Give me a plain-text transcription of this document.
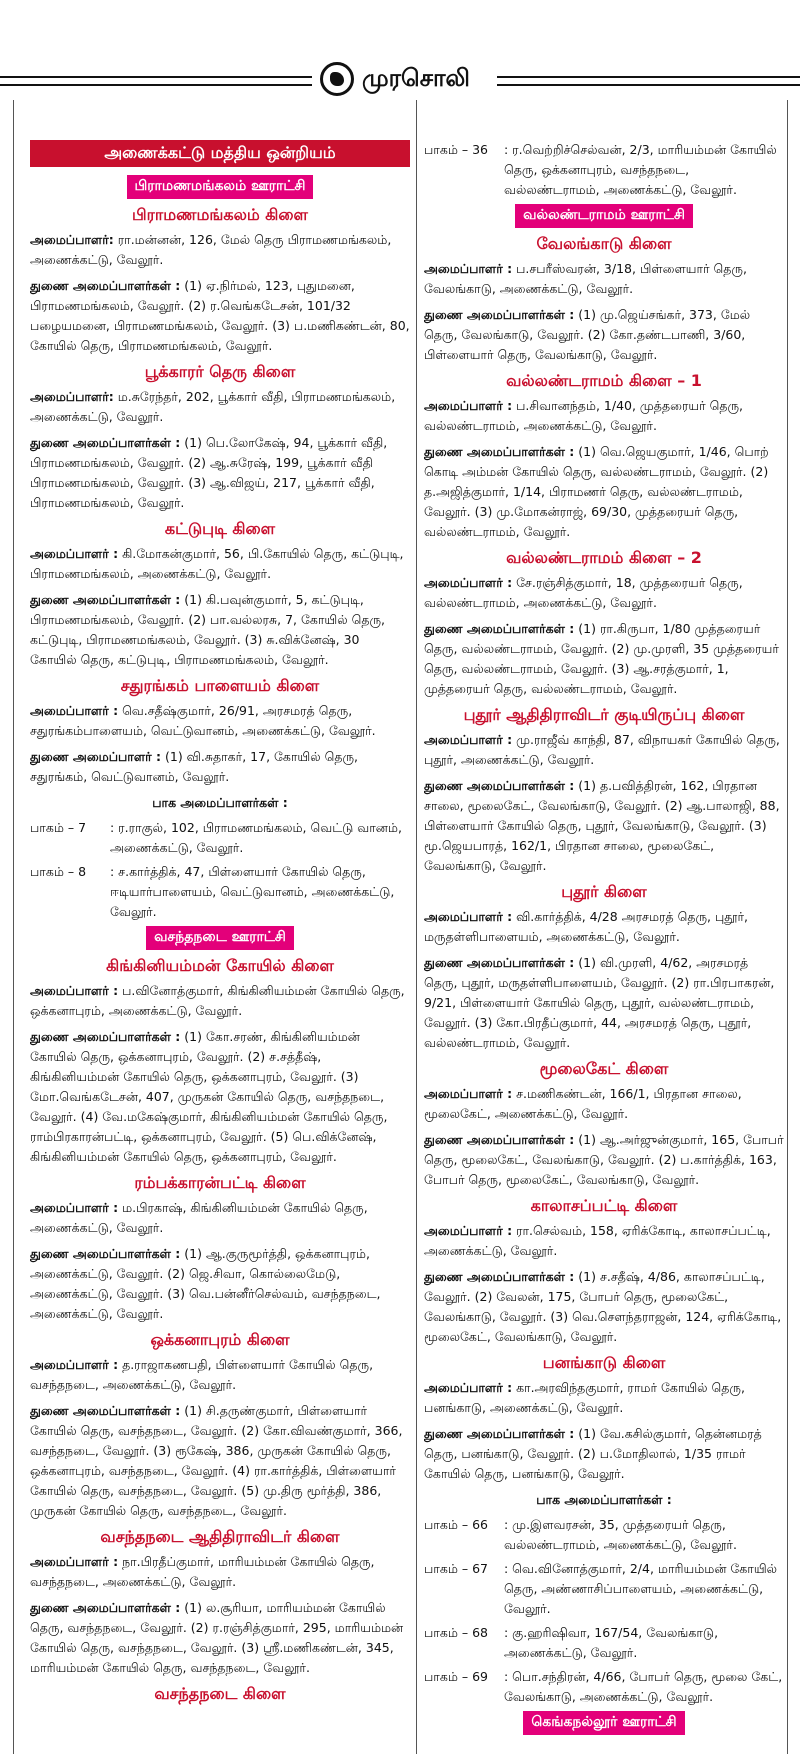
முரசொலி
அணைக்கட்டு மத்திய ஒன்றியம்
பிராமணமங்கலம் ஊராட்சி
பிராமணமங்கலம் கிளை

அமைப்பாளர்: ரா.மன்னன், 126, மேல் தெரு பிராமணமங்கலம், அணைக்கட்டு, வேலூர்.

துணை அமைப்பாளர்கள் : (1) ஏ.நிர்மல், 123, புதுமனை, பிராமணமங்கலம், வேலூர். (2) ர.வெங்கடேசன், 101/32 பழையமனை, பிராமணமங்கலம், வேலூர். (3) ப.மணிகண்டன், 80, கோயில் தெரு, பிராமணமங்கலம், வேலூர்.

பூக்காரர் தெரு கிளை

அமைப்பாளர்: ம.சுரேந்தர், 202, பூக்கார் வீதி, பிராமணமங்கலம், அணைக்கட்டு, வேலூர்.

துணை அமைப்பாளர்கள் : (1) பெ.லோகேஷ், 94, பூக்கார் வீதி, பிராமணமங்கலம், வேலூர். (2) ஆ.சுரேஷ், 199, பூக்கார் வீதி பிராமணமங்கலம், வேலூர். (3) ஆ.விஜய், 217, பூக்கார் வீதி, பிராமணமங்கலம், வேலூர்.

கட்டுபுடி கிளை

அமைப்பாளர் : கி.மோகன்குமார், 56, பி.கோயில் தெரு, கட்டுபுடி, பிராமணமங்கலம், அணைக்கட்டு, வேலூர்.

துணை அமைப்பாளர்கள் : (1) கி.பவுன்குமார், 5, கட்டுபுடி, பிராமணமங்கலம், வேலூர். (2) பா.வல்லரசு, 7, கோயில் தெரு, கட்டுபுடி, பிராமணமங்கலம், வேலூர். (3) சு.விக்னேஷ், 30 கோயில் தெரு, கட்டுபுடி, பிராமணமங்கலம், வேலூர்.

சதுரங்கம் பாளையம் கிளை

அமைப்பாளர் : வெ.சதீஷ்குமார், 26/91, அரசமரத் தெரு, சதுரங்கம்பாளையம், வெட்டுவானம், அணைக்கட்டு, வேலூர்.

துணை அமைப்பாளர் : (1) வி.சுதாகர், 17, கோயில் தெரு, சதுரங்கம், வெட்டுவானம், வேலூர்.

பாக அமைப்பாளர்கள் :
பாகம் – 7	: ர.ராகுல், 102, பிராமணமங்கலம், வெட்டு வானம், அணைக்கட்டு, வேலூர்.
பாகம் – 8	: ச.கார்த்திக், 47, பிள்ளையார் கோயில் தெரு, ஈடியார்பாளையம், வெட்டுவானம், அணைக்கட்டு, வேலூர்.
வசந்தநடை ஊராட்சி
கிங்கினியம்மன் கோயில் கிளை

அமைப்பாளர் : ப.வினோத்குமார், கிங்கினியம்மன் கோயில் தெரு, ஒக்கனாபுரம், அணைக்கட்டு, வேலூர்.

துணை அமைப்பாளர்கள் : (1) கோ.சரண், கிங்கினியம்மன் கோயில் தெரு, ஒக்கனாபுரம், வேலூர். (2) ச.சத்தீஷ், கிங்கினியம்மன் கோயில் தெரு, ஒக்கனாபுரம், வேலூர். (3) மோ.வெங்கடேசன், 407, முருகன் கோயில் தெரு, வசந்தநடை, வேலூர். (4) வே.மகேஷ்குமார், கிங்கினியம்மன் கோயில் தெரு, ராம்பிரகாரன்பட்டி, ஒக்கனாபுரம், வேலூர். (5) பெ.விக்னேஷ், கிங்கினியம்மன் கோயில் தெரு, ஒக்கனாபுரம், வேலூர்.

ரம்பக்காரன்பட்டி கிளை

அமைப்பாளர் : ம.பிரகாஷ், கிங்கினியம்மன் கோயில் தெரு, அணைக்கட்டு, வேலூர்.

துணை அமைப்பாளர்கள் : (1) ஆ.குருமூர்த்தி, ஒக்கனாபுரம், அணைக்கட்டு, வேலூர். (2) ஜெ.சிவா, கொல்லைமேடு, அணைக்கட்டு, வேலூர். (3) வெ.பன்னீர்செல்வம், வசந்தநடை, அணைக்கட்டு, வேலூர்.

ஒக்கனாபுரம் கிளை

அமைப்பாளர் : த.ராஜாகணபதி, பிள்ளையார் கோயில் தெரு, வசந்தநடை, அணைக்கட்டு, வேலூர்.

துணை அமைப்பாளர்கள் : (1) சி.தருண்குமார், பிள்ளையார் கோயில் தெரு, வசந்தநடை, வேலூர். (2) கோ.விவண்குமார், 366, வசந்தநடை, வேலூர். (3) ரூகேஷ், 386, முருகன் கோயில் தெரு, ஒக்கனாபுரம், வசந்தநடை, வேலூர். (4) ரா.கார்த்திக், பிள்ளையார் கோயில் தெரு, வசந்தநடை, வேலூர். (5) மு.திரு மூர்த்தி, 386, முருகன் கோயில் தெரு, வசந்தநடை, வேலூர்.

வசந்தநடை ஆதிதிராவிடர் கிளை

அமைப்பாளர் : நா.பிரதீப்குமார், மாரியம்மன் கோயில் தெரு, வசந்தநடை, அணைக்கட்டு, வேலூர்.

துணை அமைப்பாளர்கள் : (1) ல.சூரியா, மாரியம்மன் கோயில் தெரு, வசந்தநடை, வேலூர். (2) ர.ரஞ்சித்குமார், 295, மாரியம்மன் கோயில் தெரு, வசந்தநடை, வேலூர். (3) ஸ்ரீ.மணிகண்டன், 345, மாரியம்மன் கோயில் தெரு, வசந்தநடை, வேலூர்.

வசந்தநடை கிளை
பாகம் – 36	: ர.வெற்றிச்செல்வன், 2/3, மாரியம்மன் கோயில் தெரு, ஒக்கனாபுரம், வசந்தநடை, வல்லண்டராமம், அணைக்கட்டு, வேலூர்.
வல்லண்டராமம் ஊராட்சி
வேலங்காடு கிளை

அமைப்பாளர் : ப.சபரீஸ்வரன், 3/18, பிள்ளையார் தெரு, வேலங்காடு, அணைக்கட்டு, வேலூர்.

துணை அமைப்பாளர்கள் : (1) மு.ஜெய்சங்கர், 373, மேல் தெரு, வேலங்காடு, வேலூர். (2) கோ.தண்டபாணி, 3/60, பிள்ளையார் தெரு, வேலங்காடு, வேலூர்.

வல்லண்டராமம் கிளை – 1

அமைப்பாளர் : ப.சிவானந்தம், 1/40, முத்தரையர் தெரு, வல்லண்டராமம், அணைக்கட்டு, வேலூர்.

துணை அமைப்பாளர்கள் : (1) வெ.ஜெயகுமார், 1/46, பொற் கொடி அம்மன் கோயில் தெரு, வல்லண்டராமம், வேலூர். (2) த.அஜித்குமார், 1/14, பிராமணர் தெரு, வல்லண்டராமம், வேலூர். (3) மு.மோகன்ராஜ், 69/30, முத்தரையர் தெரு, வல்லண்டராமம், வேலூர்.

வல்லண்டராமம் கிளை – 2

அமைப்பாளர் : சே.ரஞ்சித்குமார், 18, முத்தரையர் தெரு, வல்லண்டராமம், அணைக்கட்டு, வேலூர்.

துணை அமைப்பாளர்கள் : (1) ரா.கிருபா, 1/80 முத்தரையர் தெரு, வல்லண்டராமம், வேலூர். (2) மு.முரளி, 35 முத்தரையர் தெரு, வல்லண்டராமம், வேலூர். (3) ஆ.சரத்குமார், 1, முத்தரையர் தெரு, வல்லண்டராமம், வேலூர்.

புதூர் ஆதிதிராவிடர் குடியிருப்பு கிளை

அமைப்பாளர் : மு.ராஜீவ் காந்தி, 87, விநாயகர் கோயில் தெரு, புதூர், அணைக்கட்டு, வேலூர்.

துணை அமைப்பாளர்கள் : (1) த.பவித்திரன், 162, பிரதான சாலை, மூலைகேட், வேலங்காடு, வேலூர். (2) ஆ.பாலாஜி, 88, பிள்ளையார் கோயில் தெரு, புதூர், வேலங்காடு, வேலூர். (3) மூ.ஜெயபாரத், 162/1, பிரதான சாலை, மூலைகேட், வேலங்காடு, வேலூர்.

புதூர் கிளை

அமைப்பாளர் : வி.கார்த்திக், 4/28 அரசமரத் தெரு, புதூர், மருதள்ளிபாளையம், அணைக்கட்டு, வேலூர்.

துணை அமைப்பாளர்கள் : (1) வி.முரளி, 4/62, அரசமரத் தெரு, புதூர், மருதள்ளிபாளையம், வேலூர். (2) ரா.பிரபாகரன், 9/21, பிள்ளையார் கோயில் தெரு, புதூர், வல்லண்டராமம், வேலூர். (3) கோ.பிரதீப்குமார், 44, அரசமரத் தெரு, புதூர், வல்லண்டராமம், வேலூர்.

மூலைகேட் கிளை

அமைப்பாளர் : ச.மணிகண்டன், 166/1, பிரதான சாலை, மூலைகேட், அணைக்கட்டு, வேலூர்.

துணை அமைப்பாளர்கள் : (1) ஆ.அர்ஜுன்குமார், 165, போபர் தெரு, மூலைகேட், வேலங்காடு, வேலூர். (2) ப.கார்த்திக், 163, போபர் தெரு, மூலைகேட், வேலங்காடு, வேலூர்.

காலாசப்பட்டி கிளை

அமைப்பாளர் : ரா.செல்வம், 158, ஏரிக்கோடி, காலாசப்பட்டி, அணைக்கட்டு, வேலூர்.

துணை அமைப்பாளர்கள் : (1) ச.சதீஷ், 4/86, காலாசப்பட்டி, வேலூர். (2) வேலன், 175, போபர் தெரு, மூலைகேட், வேலங்காடு, வேலூர். (3) வெ.சௌந்தராஜன், 124, ஏரிக்கோடி, மூலைகேட், வேலங்காடு, வேலூர்.

பனங்காடு கிளை

அமைப்பாளர் : கா.அரவிந்தகுமார், ராமர் கோயில் தெரு, பனங்காடு, அணைக்கட்டு, வேலூர்.

துணை அமைப்பாளர்கள் : (1) வே.கசில்குமார், தென்னமரத் தெரு, பனங்காடு, வேலூர். (2) ப.மோதிலால், 1/35 ராமர் கோயில் தெரு, பனங்காடு, வேலூர்.

பாக அமைப்பாளர்கள் :
பாகம் – 66	: மு.இளவரசன், 35, முத்தரையர் தெரு, வல்லண்டராமம், அணைக்கட்டு, வேலூர்.
பாகம் – 67	: வெ.வினோத்குமார், 2/4, மாரியம்மன் கோயில் தெரு, அண்ணாசிப்பாளையம், அணைக்கட்டு, வேலூர்.
பாகம் – 68	: கு.ஹரிஷிவா, 167/54, வேலங்காடு, அணைக்கட்டு, வேலூர்.
பாகம் – 69	: பொ.சந்திரன், 4/66, போபர் தெரு, மூலை கேட், வேலங்காடு, அணைக்கட்டு, வேலூர்.
கெங்கநல்லூர் ஊராட்சி
